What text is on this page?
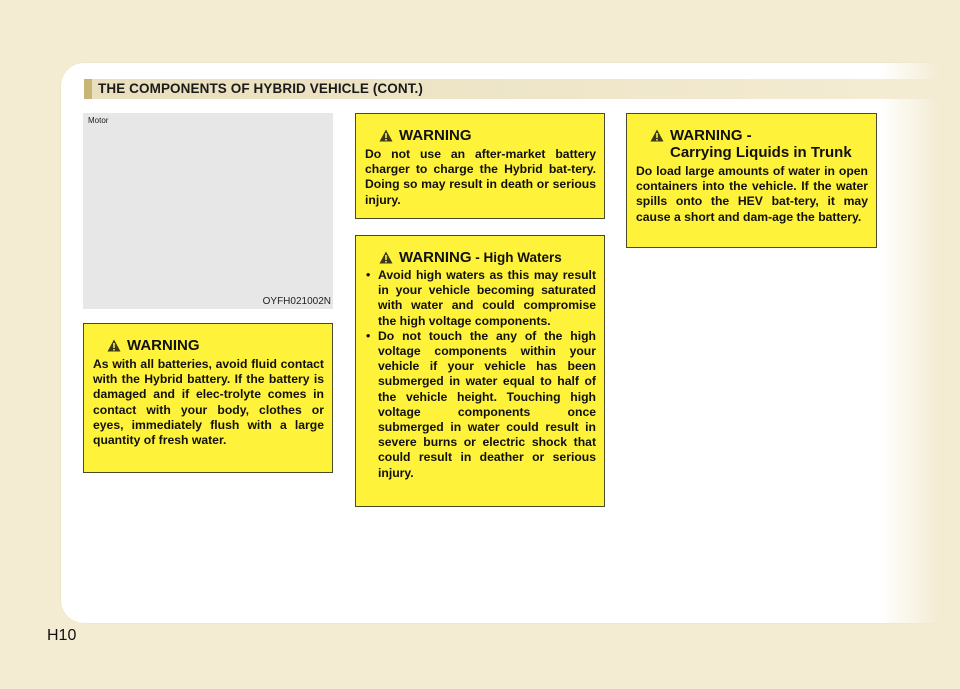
THE COMPONENTS OF HYBRID VEHICLE (CONT.)
Motor
OYFH021002N
WARNING
As with all batteries, avoid fluid contact with the Hybrid battery. If the battery is damaged and if elec-trolyte comes in contact with your body, clothes or eyes, immediately flush with a large quantity of fresh water.
WARNING
Do not use an after-market battery charger to charge the Hybrid bat-tery. Doing so may result in death or serious injury.
WARNING - High Waters
• Avoid high waters as this may result in your vehicle becoming saturated with water and could compromise the high voltage components.
• Do not touch the any of the high voltage components within your vehicle if your vehicle has been submerged in water equal to half of the vehicle height. Touching high voltage components once submerged in water could result in severe burns or electric shock that could result in deather or serious injury.
WARNING -
Carrying Liquids in Trunk
Do load large amounts of water in open containers into the vehicle. If the water spills onto the HEV bat-tery, it may cause a short and dam-age the battery.
H10
